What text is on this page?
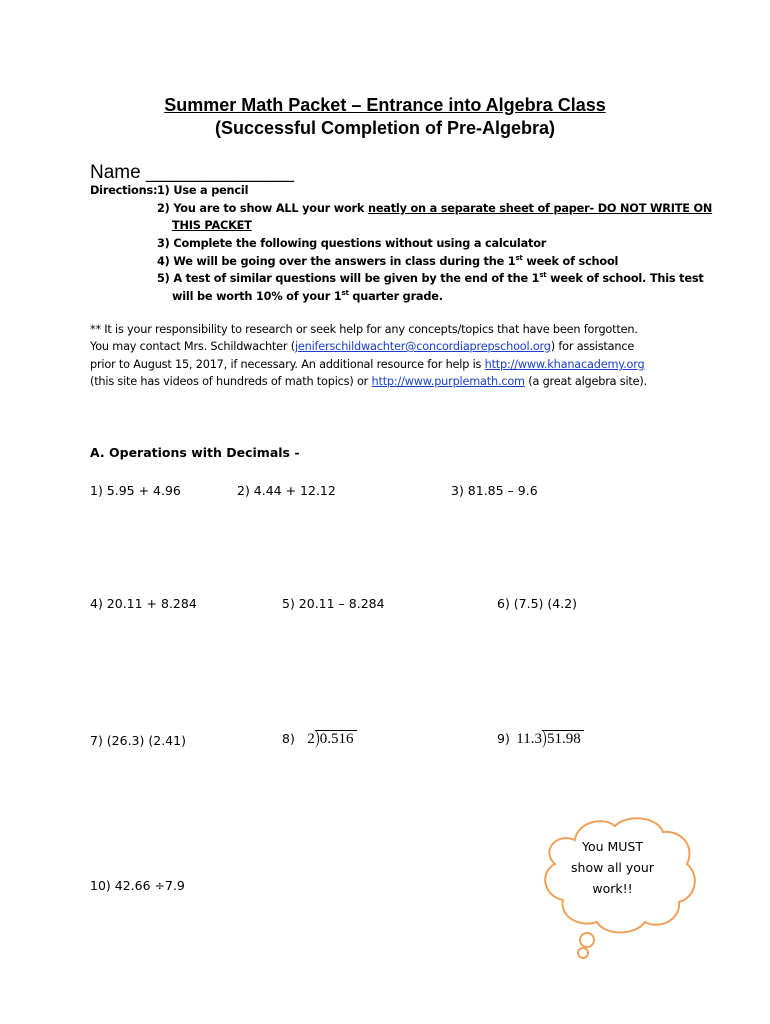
Summer Math Packet – Entrance into Algebra Class
(Successful Completion of Pre-Algebra)
Name ______________
Directions: 1) Use a pencil
2) You are to show ALL your work neatly on a separate sheet of paper- DO NOT WRITE ON
THIS PACKET
3) Complete the following questions without using a calculator
4) We will be going over the answers in class during the 1st week of school
5) A test of similar questions will be given by the end of the 1st week of school. This test
will be worth 10% of your 1st quarter grade.
** It is your responsibility to research or seek help for any concepts/topics that have been forgotten.
You may contact Mrs. Schildwachter (jeniferschildwachter@concordiaprepschool.org) for assistance
prior to August 15, 2017, if necessary. An additional resource for help is http://www.khanacademy.org
(this site has videos of hundreds of math topics) or http://www.purplemath.com (a great algebra site).
A. Operations with Decimals -
1) 5.95 + 4.96	2) 4.44 + 12.12	3) 81.85 – 9.6
4) 20.11 + 8.284	5) 20.11 – 8.284	6) (7.5) (4.2)
7) (26.3) (2.41)	8) 2 0.516	9) 11.3 51.98
10) 42.66 ÷7.9
You MUST
show all your
work!!
